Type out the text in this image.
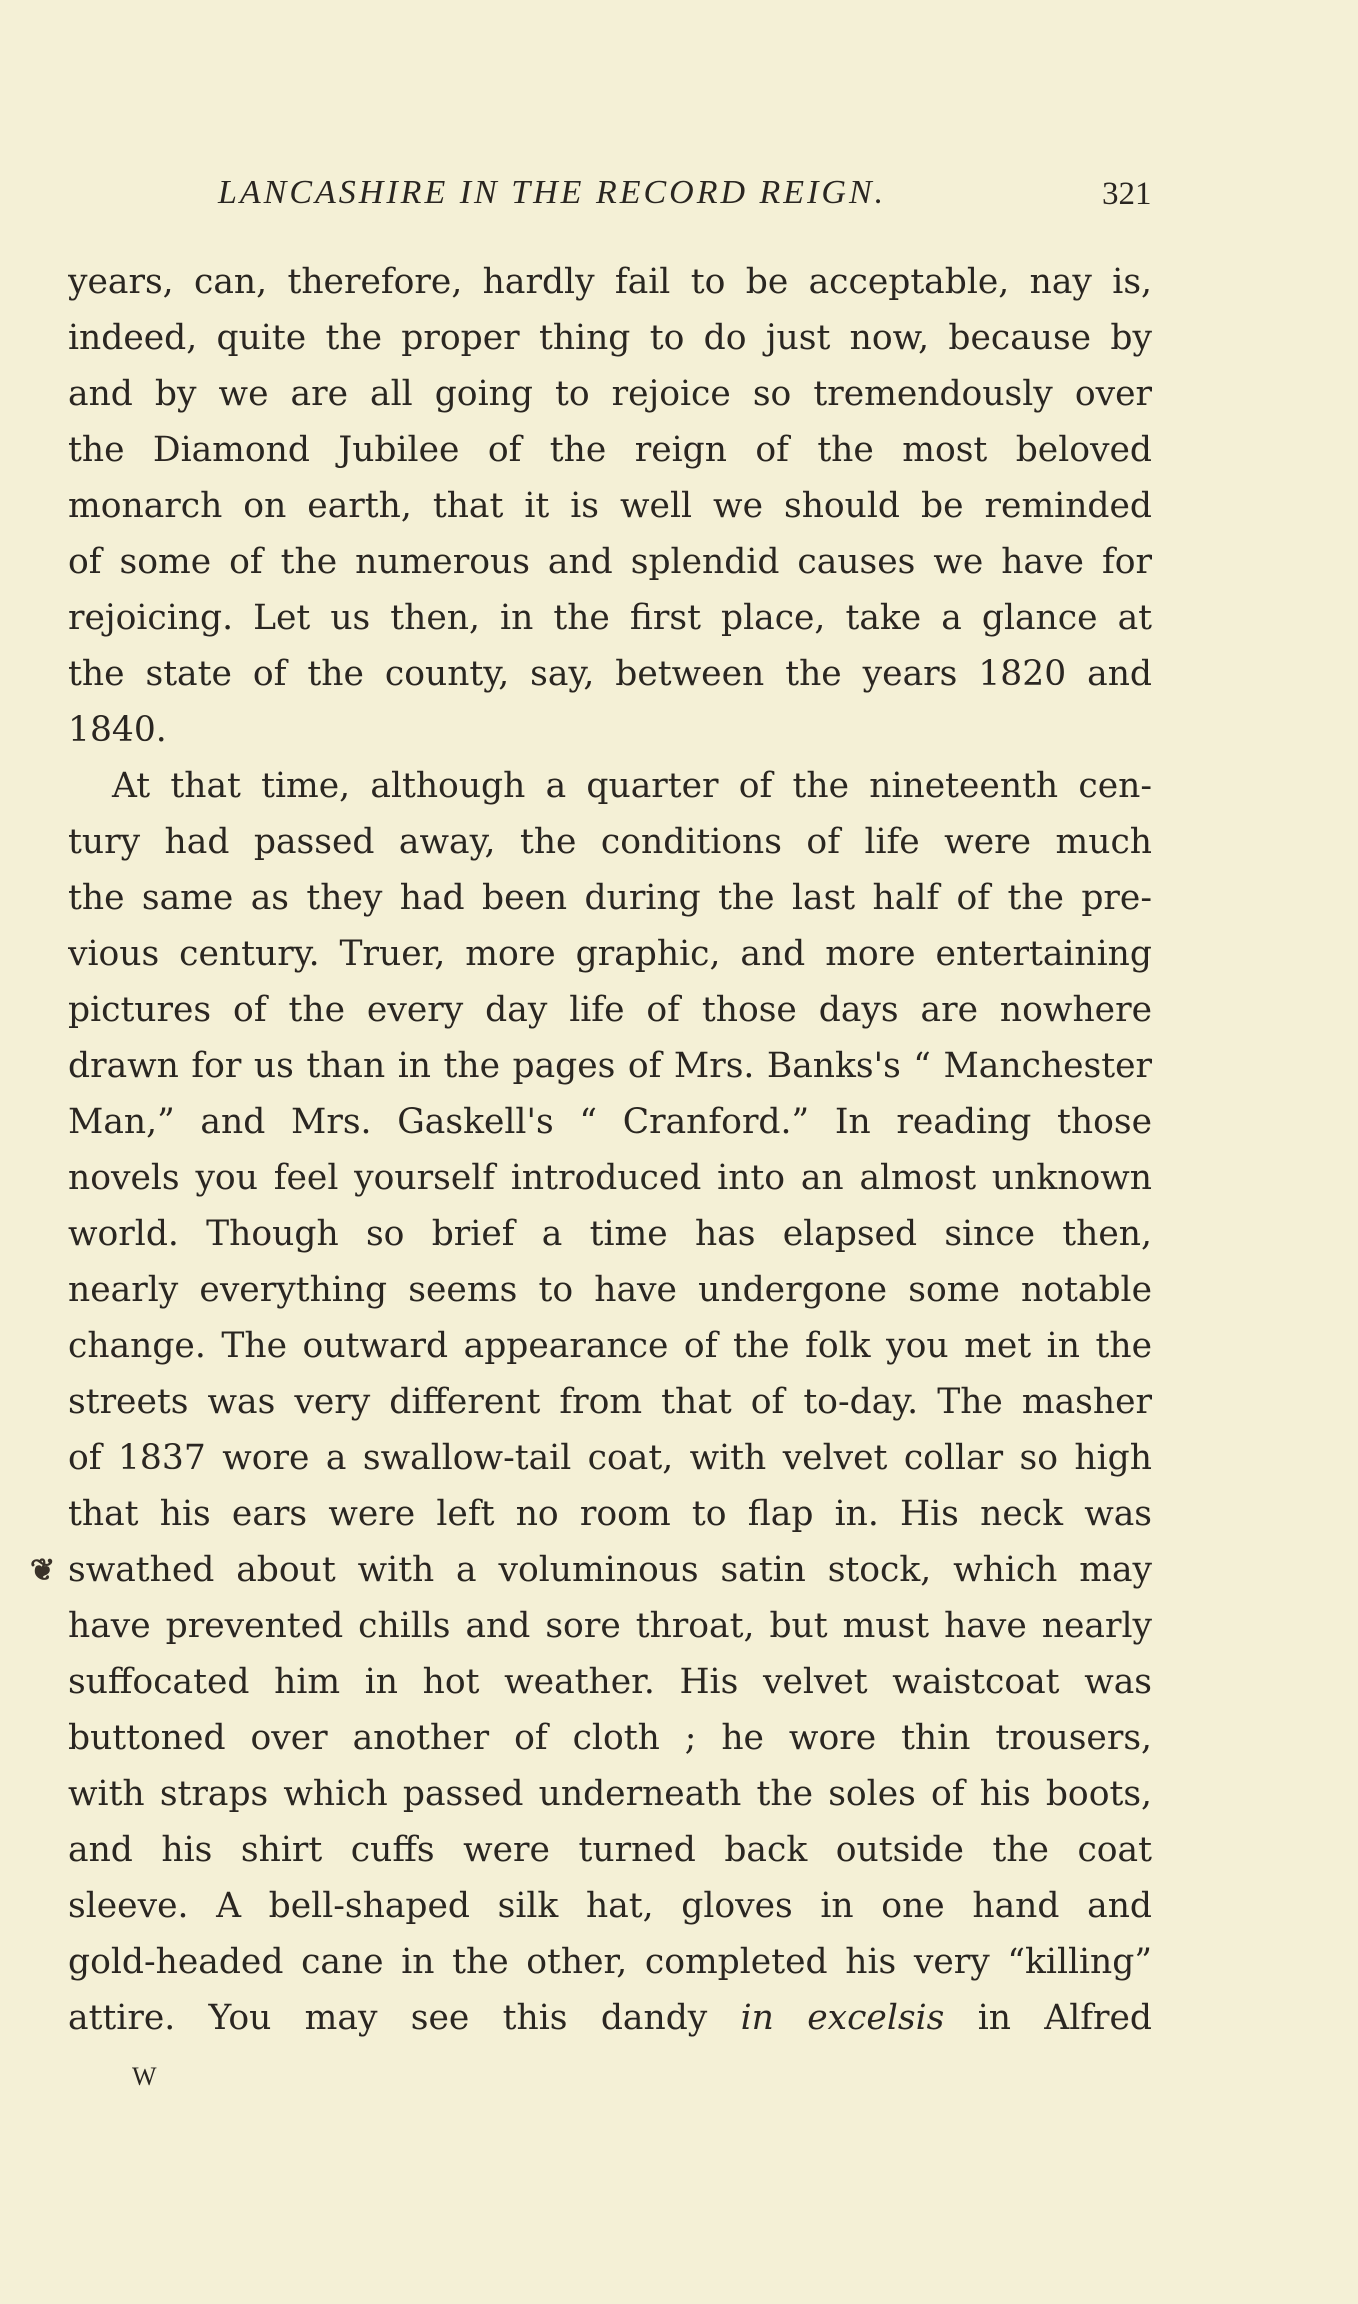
LANCASHIRE IN THE RECORD REIGN.	321
❦
years, can, therefore, hardly fail to be acceptable, nay is,
indeed, quite the proper thing to do just now, because by
and by we are all going to rejoice so tremendously over
the Diamond Jubilee of the reign of the most beloved
monarch on earth, that it is well we should be reminded
of some of the numerous and splendid causes we have for
rejoicing. Let us then, in the first place, take a glance at
the state of the county, say, between the years 1820 and
1840.
At that time, although a quarter of the nineteenth cen-
tury had passed away, the conditions of life were much
the same as they had been during the last half of the pre-
vious century. Truer, more graphic, and more entertaining
pictures of the every day life of those days are nowhere
drawn for us than in the pages of Mrs. Banks's “ Manchester
Man,” and Mrs. Gaskell's “ Cranford.” In reading those
novels you feel yourself introduced into an almost unknown
world. Though so brief a time has elapsed since then,
nearly everything seems to have undergone some notable
change. The outward appearance of the folk you met in the
streets was very different from that of to-day. The masher
of 1837 wore a swallow-tail coat, with velvet collar so high
that his ears were left no room to flap in. His neck was
swathed about with a voluminous satin stock, which may
have prevented chills and sore throat, but must have nearly
suffocated him in hot weather. His velvet waistcoat was
buttoned over another of cloth ; he wore thin trousers,
with straps which passed underneath the soles of his boots,
and his shirt cuffs were turned back outside the coat
sleeve. A bell-shaped silk hat, gloves in one hand and
gold-headed cane in the other, completed his very “killing”
attire. You may see this dandy in excelsis in Alfred
W
